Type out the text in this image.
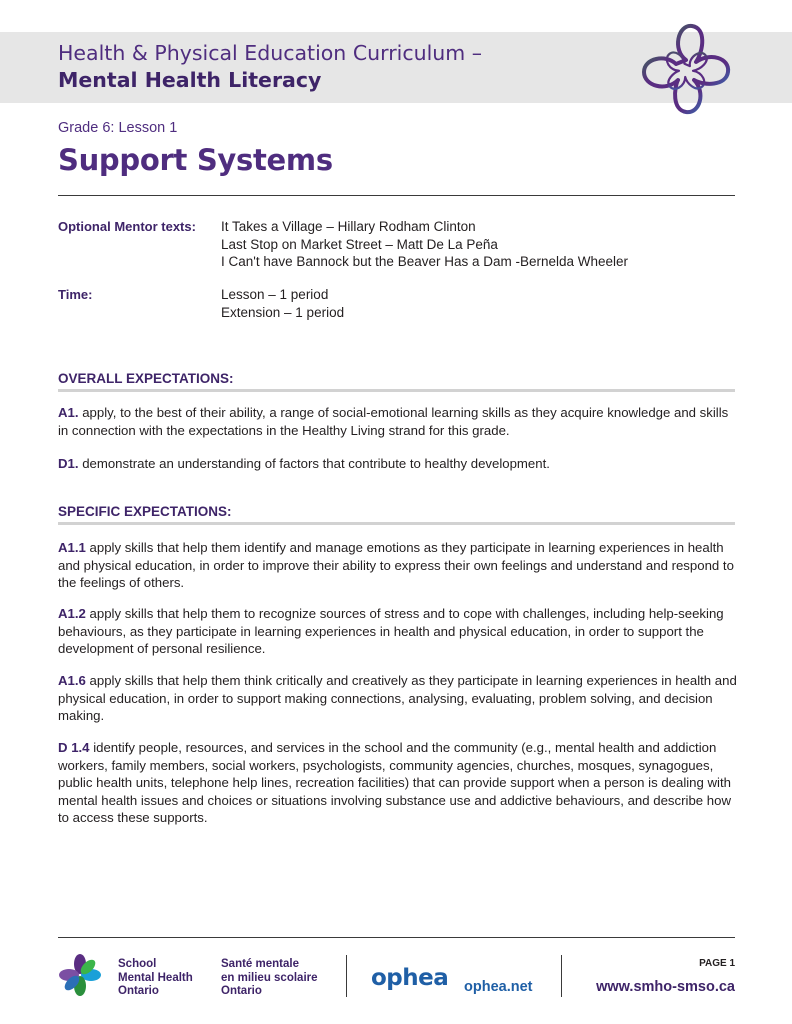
Health & Physical Education Curriculum –
Mental Health Literacy
Grade 6: Lesson 1
Support Systems
Optional Mentor texts: It Takes a Village – Hillary Rodham Clinton
Last Stop on Market Street – Matt De La Peña
I Can't have Bannock but the Beaver Has a Dam -Bernelda Wheeler
Time:	Lesson – 1 period
Extension – 1 period
OVERALL EXPECTATIONS:
A1. apply, to the best of their ability, a range of social-emotional learning skills as they acquire knowledge and skills in connection with the expectations in the Healthy Living strand for this grade.
D1. demonstrate an understanding of factors that contribute to healthy development.
SPECIFIC EXPECTATIONS:
A1.1 apply skills that help them identify and manage emotions as they participate in learning experiences in health and physical education, in order to improve their ability to express their own feelings and understand and respond to the feelings of others.
A1.2 apply skills that help them to recognize sources of stress and to cope with challenges, including help-seeking behaviours, as they participate in learning experiences in health and physical education, in order to support the development of personal resilience.
A1.6 apply skills that help them think critically and creatively as they participate in learning experiences in health and physical education, in order to support making connections, analysing, evaluating, problem solving, and decision making.
D 1.4 identify people, resources, and services in the school and the community (e.g., mental health and addiction workers, family members, social workers, psychologists, community agencies, churches, mosques, synagogues, public health units, telephone help lines, recreation facilities) that can provide support when a person is dealing with mental health issues and choices or situations involving substance use and addictive behaviours, and describe how to access these supports.
School
Mental Health
Ontario
Santé mentale
en milieu scolaire
Ontario	ophea ophea.net
PAGE 1
www.smho-smso.ca
